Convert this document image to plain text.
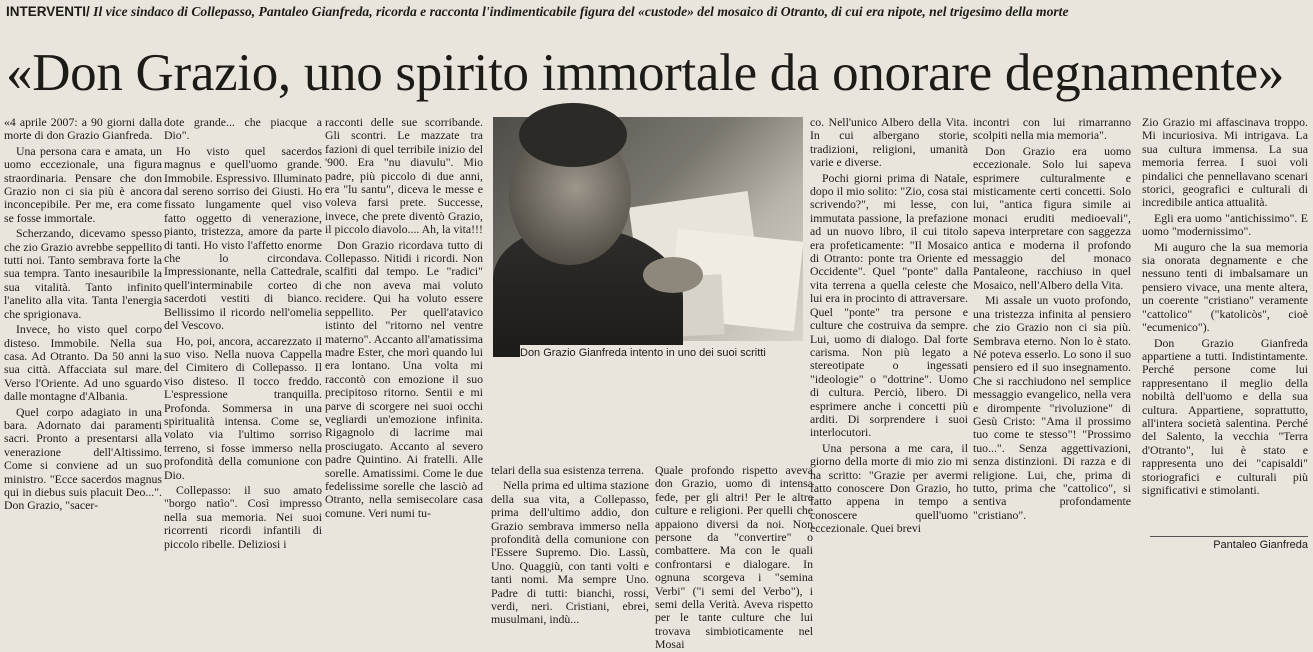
INTERVENTI/ Il vice sindaco di Collepasso, Pantaleo Gianfreda, ricorda e racconta l'indimenticabile figura del «custode» del mosaico di Otranto, di cui era nipote, nel trigesimo della morte
«Don Grazio, uno spirito immortale da onorare degnamente»
Don Grazio Gianfreda intento in uno dei suoi scritti

«4 aprile 2007: a 90 giorni dalla morte di don Grazio Gianfreda.

Una persona cara e amata, un uomo eccezionale, una figura straordinaria. Pensare che don Grazio non ci sia più è ancora inconcepibile. Per me, era come se fosse immortale.

Scherzando, dicevamo spesso che zio Grazio avrebbe seppellito tutti noi. Tanto sembrava forte la sua tempra. Tanto inesauribile la sua vitalità. Tanto infinito l'anelito alla vita. Tanta l'energia che sprigionava.

Invece, ho visto quel corpo disteso. Immobile. Nella sua casa. Ad Otranto. Da 50 anni la sua città. Affacciata sul mare. Verso l'Oriente. Ad uno sguardo dalle montagne d'Albania.

Quel corpo adagiato in una bara. Adornato dai paramenti sacri. Pronto a presentarsi alla venerazione dell'Altissimo. Come si conviene ad un suo ministro. "Ecce sacerdos magnus qui in diebus suis placuit Deo...". Don Grazio, "sacer-

dote grande... che piacque a Dio".

Ho visto quel sacerdos magnus e quell'uomo grande. Immobile. Espressivo. Illuminato dal sereno sorriso dei Giusti. Ho fissato lungamente quel viso fatto oggetto di venerazione, pianto, tristezza, amore da parte di tanti. Ho visto l'affetto enorme che lo circondava. Impressionante, nella Cattedrale, quell'interminabile corteo di sacerdoti vestiti di bianco. Bellissimo il ricordo nell'omelia del Vescovo.

Ho, poi, ancora, accarezzato il suo viso. Nella nuova Cappella del Cimitero di Collepasso. Il viso disteso. Il tocco freddo. L'espressione tranquilla. Profonda. Sommersa in una spiritualità intensa. Come se, volato via l'ultimo sorriso terreno, si fosse immerso nella profondità della comunione con Dio.

Collepasso: il suo amato "borgo natìo". Così impresso nella sua memoria. Nei suoi ricorrenti ricordi infantili di piccolo ribelle. Deliziosi i

racconti delle sue scorribande. Gli scontri. Le mazzate tra fazioni di quel terribile inizio del '900. Era "nu diavulu". Mio padre, più piccolo di due anni, era "lu santu", diceva le messe e voleva farsi prete. Successe, invece, che prete diventò Grazio, il piccolo diavolo.... Ah, la vita!!!

Don Grazio ricordava tutto di Collepasso. Nitidi i ricordi. Non scalfiti dal tempo. Le "radici" che non aveva mai voluto recidere. Qui ha voluto essere seppellito. Per quell'atavico istinto del "ritorno nel ventre materno". Accanto all'amatissima madre Ester, che morì quando lui era lontano. Una volta mi raccontò con emozione il suo precipitoso ritorno. Sentii e mi parve di scorgere nei suoi occhi vegliardi un'emozione infinita. Rigagnolo di lacrime mai prosciugato. Accanto al severo padre Quintino. Ai fratelli. Alle sorelle. Amatissimi. Come le due fedelissime sorelle che lasciò ad Otranto, nella semisecolare casa comune. Veri numi tu-

telari della sua esistenza terrena.

Nella prima ed ultima stazione della sua vita, a Collepasso, prima dell'ultimo addio, don Grazio sembrava immerso nella profondità della comunione con l'Essere Supremo. Dio. Lassù, Uno. Quaggiù, con tanti volti e tanti nomi. Ma sempre Uno. Padre di tutti: bianchi, rossi, verdi, neri. Cristiani, ebrei, musulmani, indù...

Quale profondo rispetto aveva don Grazio, uomo di intensa fede, per gli altri! Per le altre culture e religioni. Per quelli che appaiono diversi da noi. Non persone da "convertire" o combattere. Ma con le quali confrontarsi e dialogare. In ognuna scorgeva i "semina Verbi" ("i semi del Verbo"), i semi della Verità. Aveva rispetto per le tante culture che lui trovava simbioticamente nel Mosai

co. Nell'unico Albero della Vita. In cui albergano storie, tradizioni, religioni, umanità varie e diverse.

Pochi giorni prima di Natale, dopo il mio solito: "Zio, cosa stai scrivendo?", mi lesse, con immutata passione, la prefazione ad un nuovo libro, il cui titolo era profeticamente: "Il Mosaico di Otranto: ponte tra Oriente ed Occidente". Quel "ponte" dalla vita terrena a quella celeste che lui era in procinto di attraversare. Quel "ponte" tra persone e culture che costruiva da sempre. Lui, uomo di dialogo. Dal forte carisma. Non più legato a stereotipate o ingessati "ideologie" o "dottrine". Uomo di cultura. Perciò, libero. Di esprimere anche i concetti più arditi. Di sorprendere i suoi interlocutori.

Una persona a me cara, il giorno della morte di mio zio mi ha scritto: "Grazie per avermi fatto conoscere Don Grazio, ho fatto appena in tempo a conoscere quell'uomo eccezionale. Quei brevi

incontri con lui rimarranno scolpiti nella mia memoria".

Don Grazio era uomo eccezionale. Solo lui sapeva esprimere culturalmente e misticamente certi concetti. Solo lui, "antica figura simile ai monaci eruditi medioevali", sapeva interpretare con saggezza antica e moderna il profondo messaggio del monaco Pantaleone, racchiuso in quel Mosaico, nell'Albero della Vita.

Mi assale un vuoto profondo, una tristezza infinita al pensiero che zio Grazio non ci sia più. Sembrava eterno. Non lo è stato. Né poteva esserlo. Lo sono il suo pensiero ed il suo insegnamento. Che si racchiudono nel semplice messaggio evangelico, nella vera e dirompente "rivoluzione" di Gesù Cristo: "Ama il prossimo tuo come te stesso"! "Prossimo tuo...". Senza aggettivazioni, senza distinzioni. Di razza e di religione. Lui, che, prima di tutto, prima che "cattolico", si sentiva profondamente "cristiano".

Zio Grazio mi affascinava troppo. Mi incuriosiva. Mi intrigava. La sua cultura immensa. La sua memoria ferrea. I suoi voli pindalici che pennellavano scenari storici, geografici e culturali di incredibile antica attualità.

Egli era uomo "antichissimo". E uomo "modernissimo".

Mi auguro che la sua memoria sia onorata degnamente e che nessuno tenti di imbalsamare un pensiero vivace, una mente altera, un coerente "cristiano" veramente "cattolico" ("katolicòs", cioè "ecumenico").

Don Grazio Gianfreda appartiene a tutti. Indistintamente. Perché persone come lui rappresentano il meglio della nobiltà dell'uomo e della sua cultura. Appartiene, soprattutto, all'intera società salentina. Perché del Salento, la vecchia "Terra d'Otranto", lui è stato e rappresenta uno dei "capisaldi" storiografici e culturali più significativi e stimolanti.

Pantaleo Gianfreda
